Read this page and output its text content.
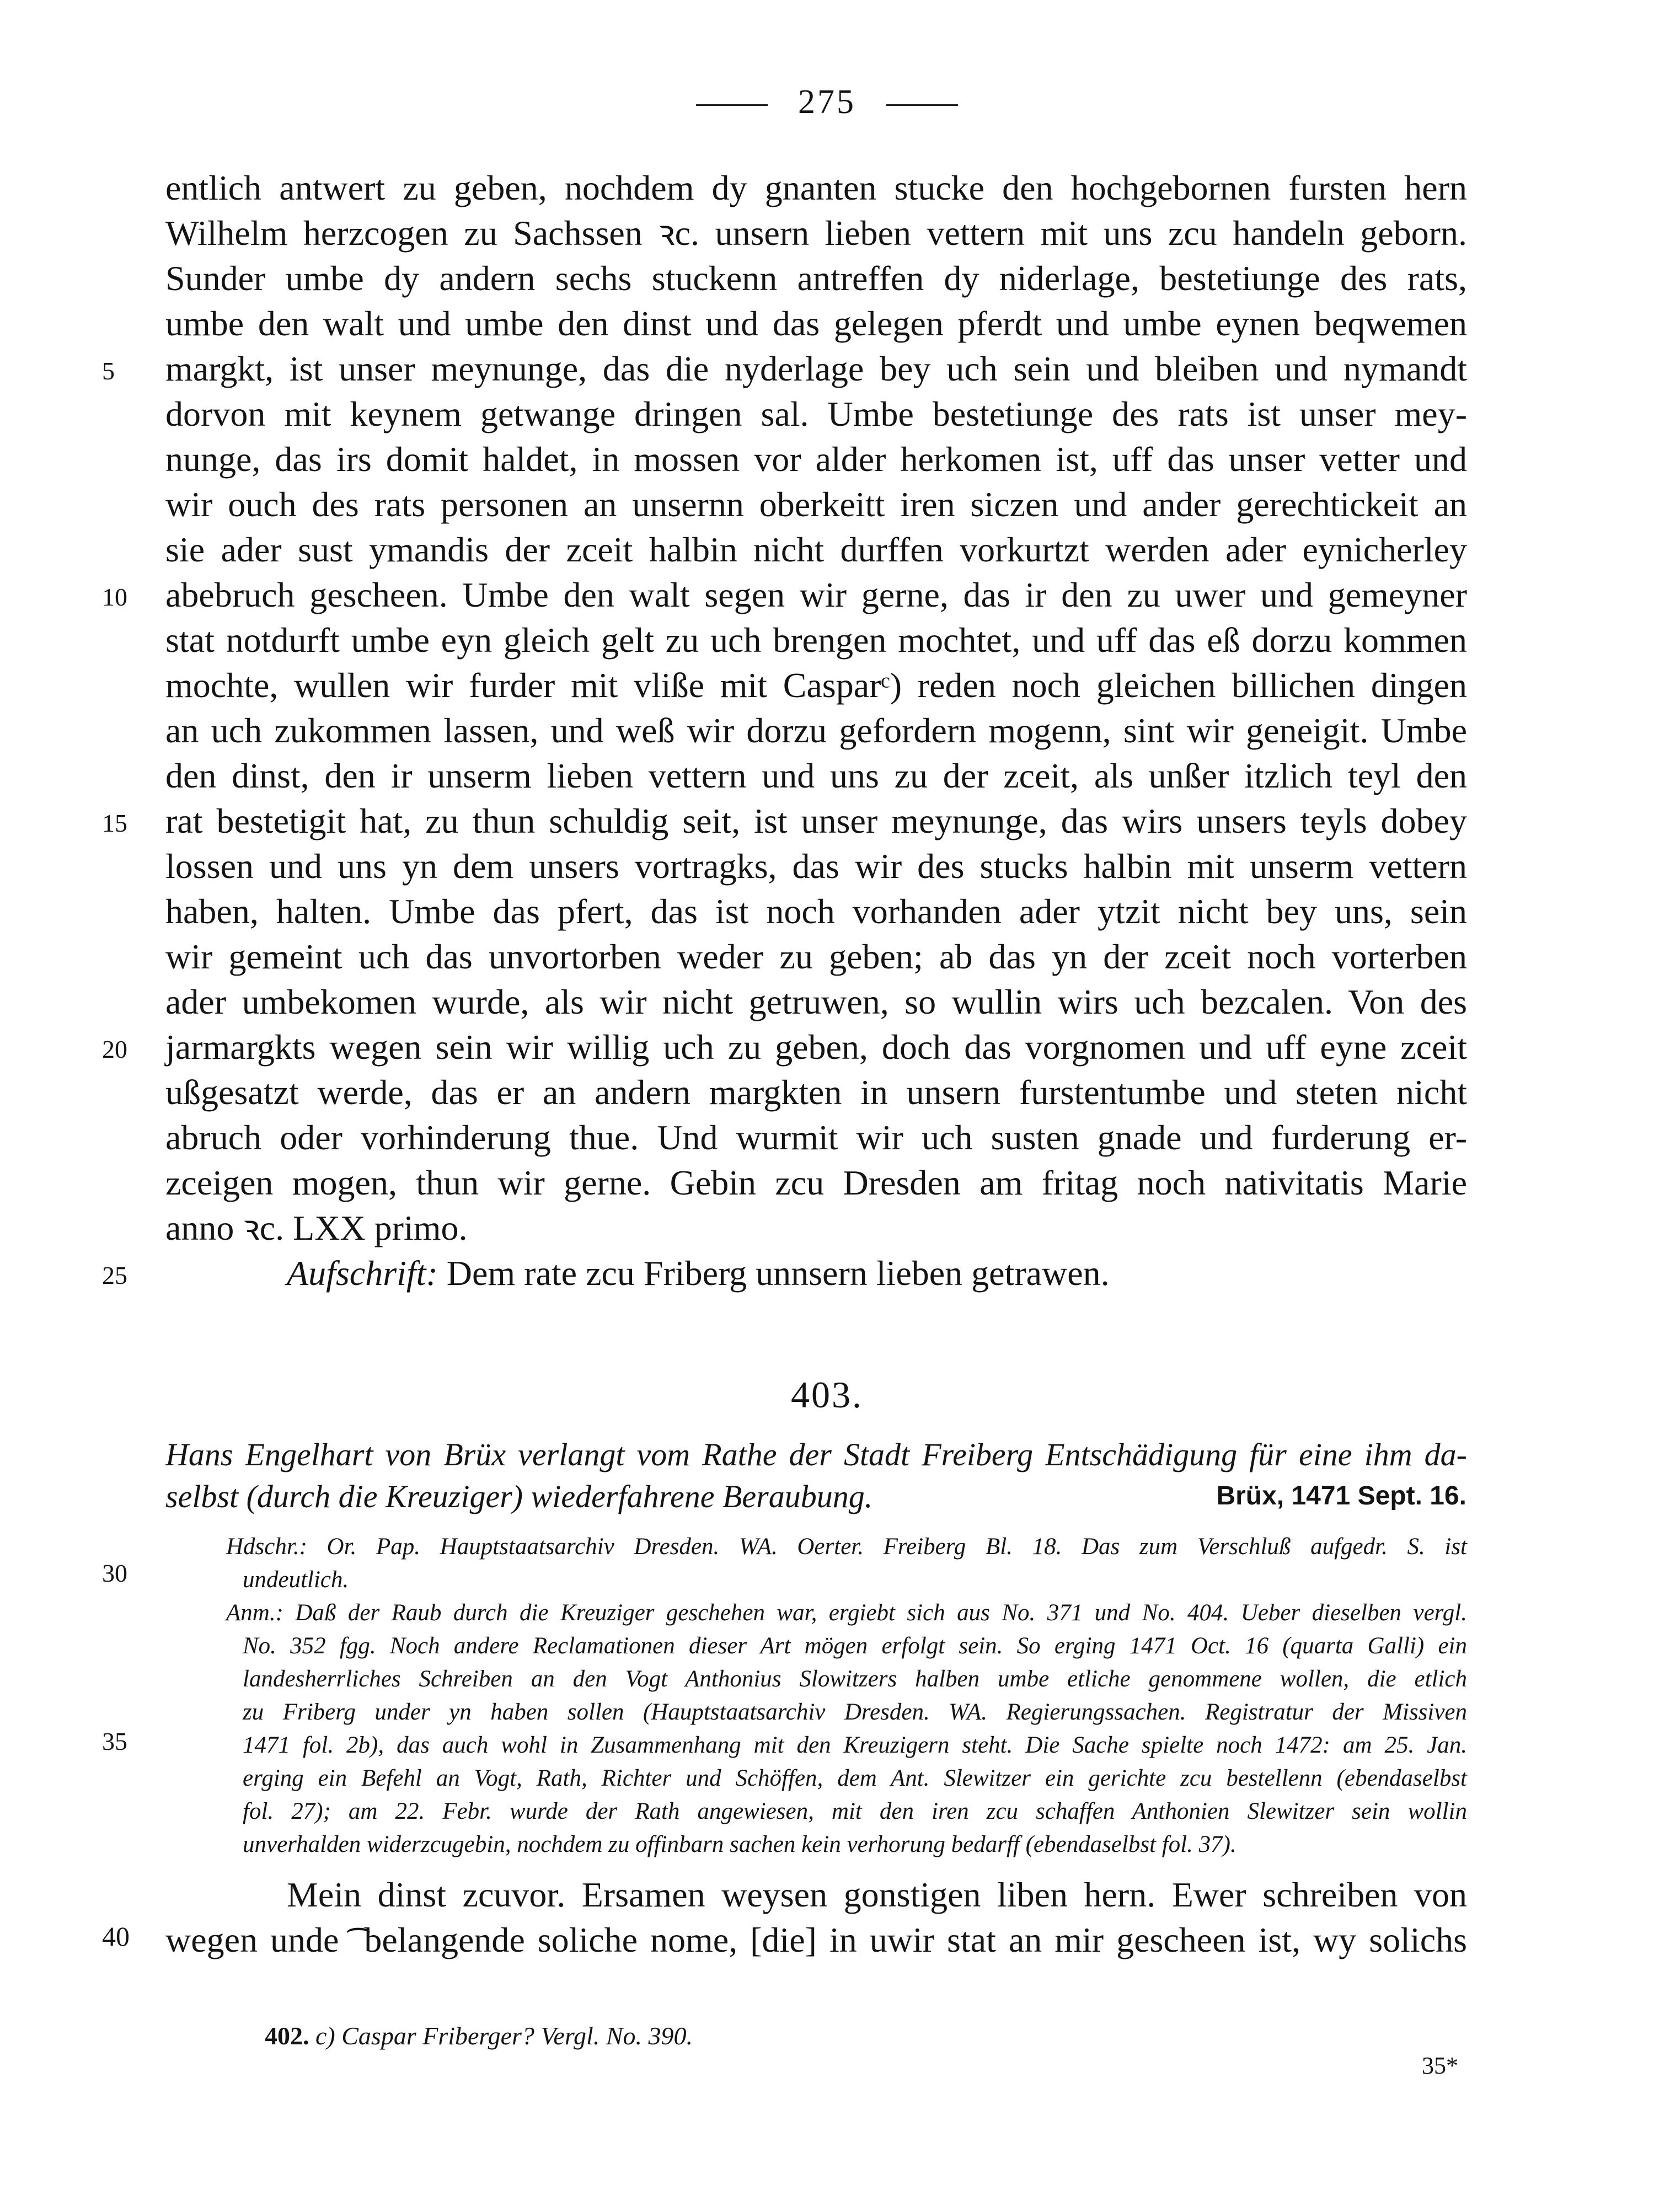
275
entlich antwert zu geben, nochdem dy gnanten stucke den hochgebornen fursten hern
Wilhelm herzcogen zu Sachssen ꝛc. unsern lieben vettern mit uns zcu handeln geborn.
Sunder umbe dy andern sechs stuckenn antreffen dy niderlage, bestetiunge des rats,
umbe den walt und umbe den dinst und das gelegen pferdt und umbe eynen beqwemen
margkt, ist unser meynunge, das die nyderlage bey uch sein und bleiben und nymandt
dorvon mit keynem getwange dringen sal. Umbe bestetiunge des rats ist unser mey-
nunge, das irs domit haldet, in mossen vor alder herkomen ist, uff das unser vetter und
wir ouch des rats personen an unsernn oberkeitt iren siczen und ander gerechtickeit an
sie ader sust ymandis der zceit halbin nicht durffen vorkurtzt werden ader eynicherley
abebruch gescheen. Umbe den walt segen wir gerne, das ir den zu uwer und gemeyner
stat notdurft umbe eyn gleich gelt zu uch brengen mochtet, und uff das eß dorzu kommen
mochte, wullen wir furder mit vliße mit Casparᶜ) reden noch gleichen billichen dingen
an uch zukommen lassen, und weß wir dorzu gefordern mogenn, sint wir geneigit. Umbe
den dinst, den ir unserm lieben vettern und uns zu der zceit, als unßer itzlich teyl den
rat bestetigit hat, zu thun schuldig seit, ist unser meynunge, das wirs unsers teyls dobey
lossen und uns yn dem unsers vortragks, das wir des stucks halbin mit unserm vettern
haben, halten. Umbe das pfert, das ist noch vorhanden ader ytzit nicht bey uns, sein
wir gemeint uch das unvortorben weder zu geben; ab das yn der zceit noch vorterben
ader umbekomen wurde, als wir nicht getruwen, so wullin wirs uch bezcalen. Von des
jarmargkts wegen sein wir willig uch zu geben, doch das vorgnomen und uff eyne zceit
ußgesatzt werde, das er an andern margkten in unsern furstentumbe und steten nicht
abruch oder vorhinderung thue. Und wurmit wir uch susten gnade und furderung er-
zceigen mogen, thun wir gerne. Gebin zcu Dresden am fritag noch nativitatis Marie
anno ꝛc. LXX primo.
Aufschrift: Dem rate zcu Friberg unnsern lieben getrawen.
5
10
15
20
25
30
35
40
403.
Hans Engelhart von Brüx verlangt vom Rathe der Stadt Freiberg Entschädigung für eine ihm da-
selbst (durch die Kreuziger) wiederfahrene Beraubung.	Brüx, 1471 Sept. 16.
Hdschr.: Or. Pap. Hauptstaatsarchiv Dresden. WA. Oerter. Freiberg Bl. 18. Das zum Verschluß aufgedr. S. ist
undeutlich.
Anm.: Daß der Raub durch die Kreuziger geschehen war, ergiebt sich aus No. 371 und No. 404. Ueber dieselben vergl.
No. 352 fgg. Noch andere Reclamationen dieser Art mögen erfolgt sein. So erging 1471 Oct. 16 (quarta Galli) ein
landesherrliches Schreiben an den Vogt Anthonius Slowitzers halben umbe etliche genommene wollen, die etlich
zu Friberg under yn haben sollen (Hauptstaatsarchiv Dresden. WA. Regierungssachen. Registratur der Missiven
1471 fol. 2b), das auch wohl in Zusammenhang mit den Kreuzigern steht. Die Sache spielte noch 1472: am 25. Jan.
erging ein Befehl an Vogt, Rath, Richter und Schöffen, dem Ant. Slewitzer ein gerichte zcu bestellenn (ebendaselbst
fol. 27); am 22. Febr. wurde der Rath angewiesen, mit den iren zcu schaffen Anthonien Slewitzer sein wollin
unverhalden widerzcugebin, nochdem zu offinbarn sachen kein verhorung bedarff (ebendaselbst fol. 37).
Mein dinst zcuvor. Ersamen weysen gonstigen liben hern. Ewer schreiben von
wegen unde ͡ belangende soliche nome, [die] in uwir stat an mir gescheen ist, wy solichs
402. c) Caspar Friberger? Vergl. No. 390.
35*
